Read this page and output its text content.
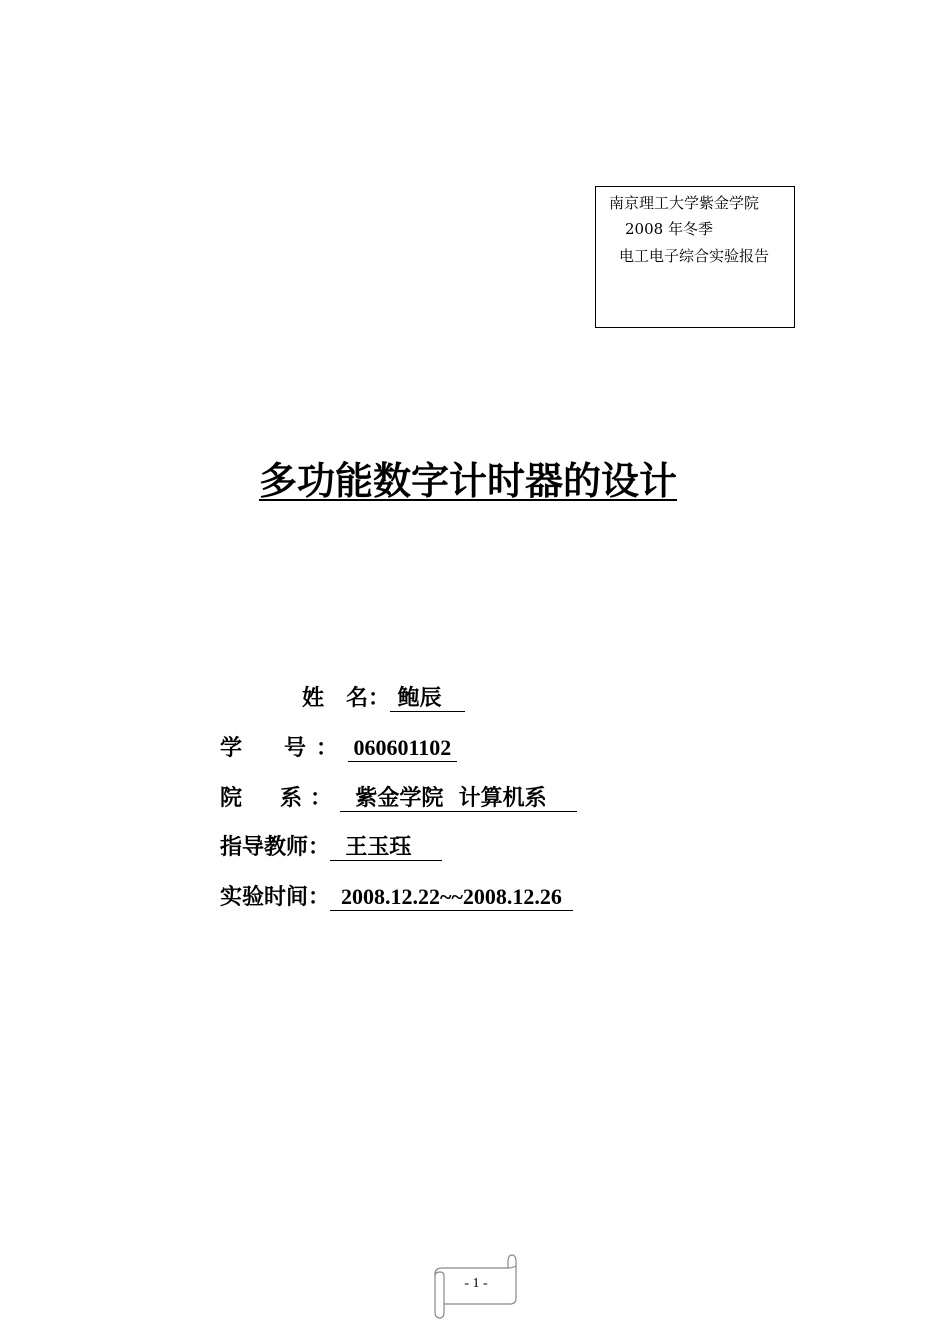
南京理工大学紫金学院
2008 年冬季
电工电子综合实验报告
多功能数字计时器的设计
姓　名： 鲍辰
学　号： 060601102
院　系：  紫金学院  计算机系
指导教师：  王玉珏
实验时间：  2008.12.22~~2008.12.26
- 1 -
